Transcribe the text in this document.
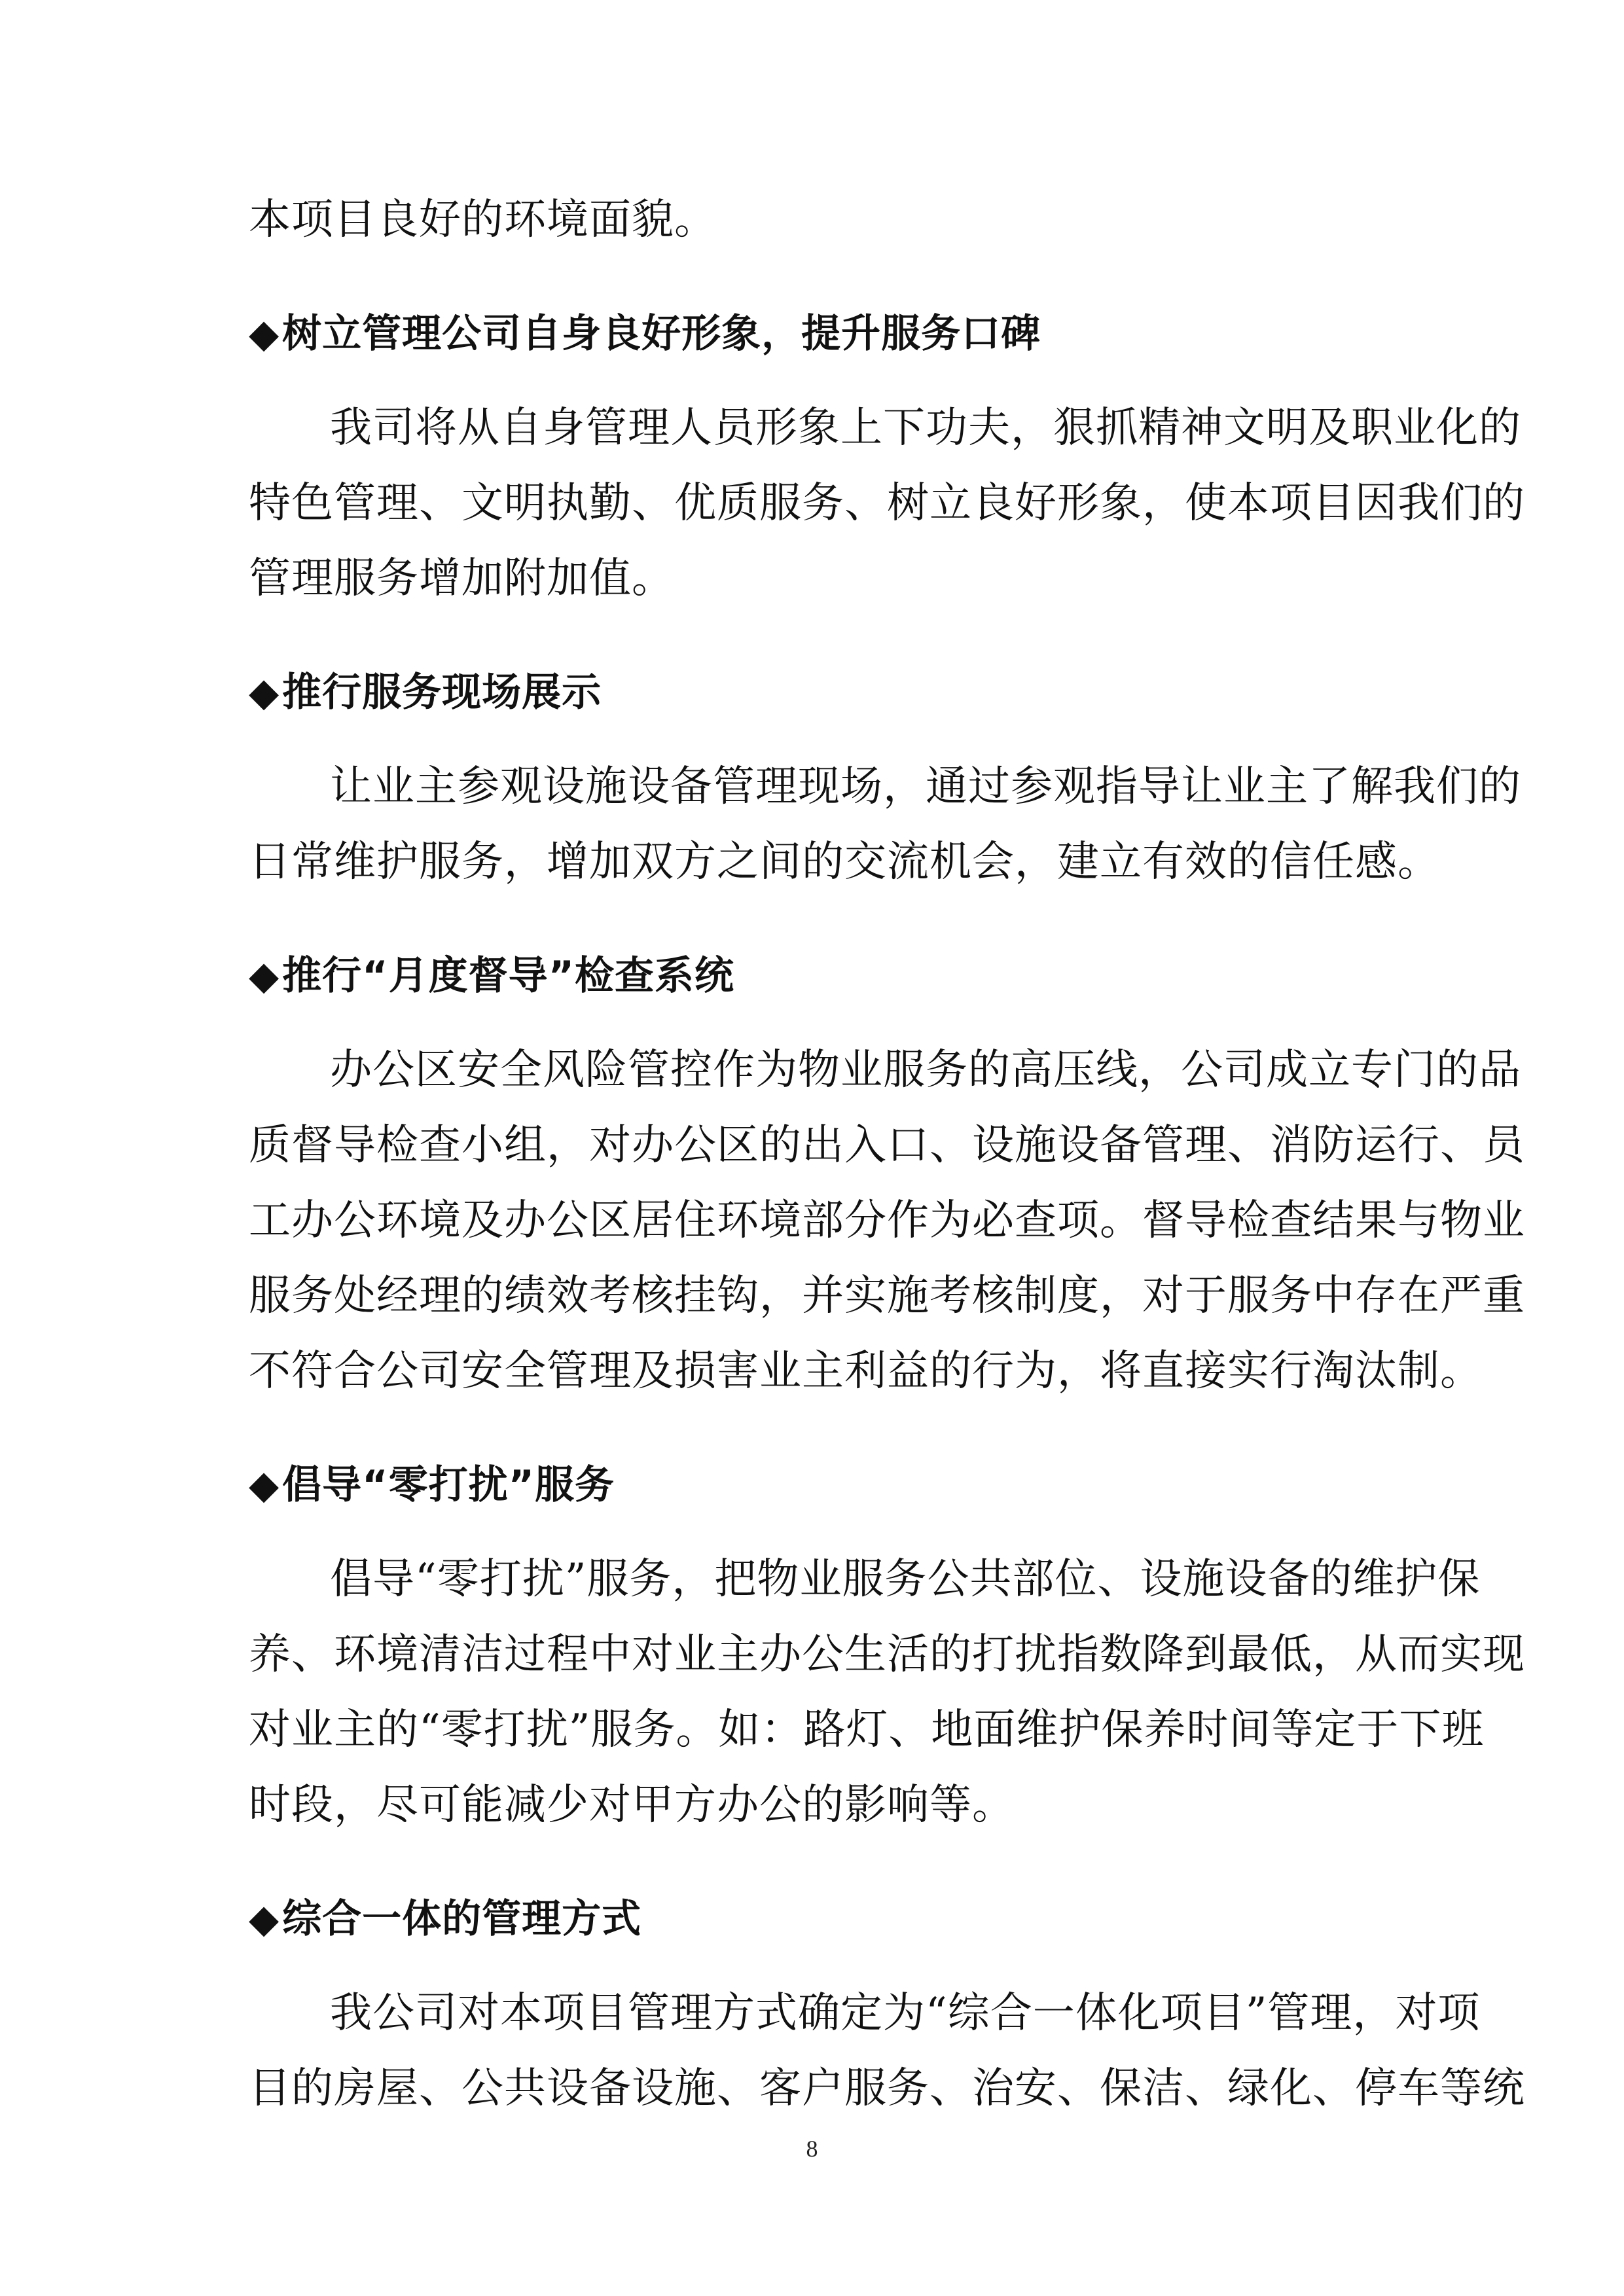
本项目良好的环境面貌。
◆树立管理公司自身良好形象，提升服务口碑
我司将从自身管理人员形象上下功夫，狠抓精神文明及职业化的
特色管理、文明执勤、优质服务、树立良好形象，使本项目因我们的
管理服务增加附加值。
◆推行服务现场展示
让业主参观设施设备管理现场，通过参观指导让业主了解我们的
日常维护服务，增加双方之间的交流机会，建立有效的信任感。
◆推行“月度督导”检查系统
办公区安全风险管控作为物业服务的高压线，公司成立专门的品
质督导检查小组，对办公区的出入口、设施设备管理、消防运行、员
工办公环境及办公区居住环境部分作为必查项。督导检查结果与物业
服务处经理的绩效考核挂钩，并实施考核制度，对于服务中存在严重
不符合公司安全管理及损害业主利益的行为，将直接实行淘汰制。
◆倡导“零打扰”服务
倡导“零打扰”服务，把物业服务公共部位、设施设备的维护保
养、环境清洁过程中对业主办公生活的打扰指数降到最低，从而实现
对业主的“零打扰”服务。如：路灯、地面维护保养时间等定于下班
时段，尽可能减少对甲方办公的影响等。
◆综合一体的管理方式
我公司对本项目管理方式确定为“综合一体化项目”管理，对项
目的房屋、公共设备设施、客户服务、治安、保洁、绿化、停车等统
8
